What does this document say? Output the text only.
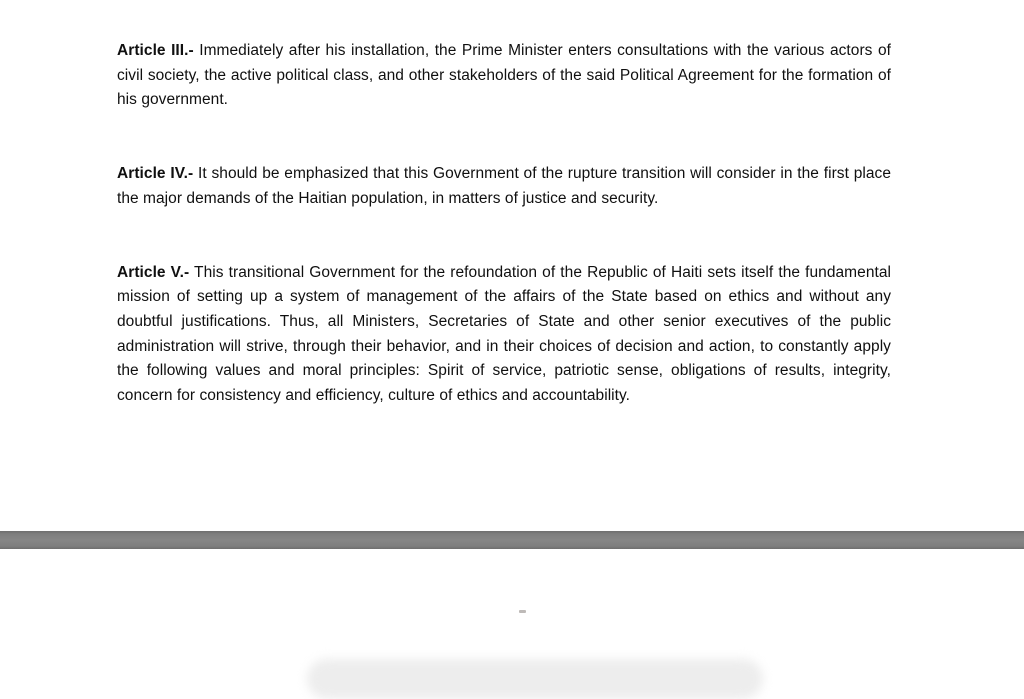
Article III.- Immediately after his installation, the Prime Minister enters consultations with the various actors of civil society, the active political class, and other stakeholders of the said Political Agreement for the formation of his government.

Article IV.- It should be emphasized that this Government of the rupture transition will consider in the first place the major demands of the Haitian population, in matters of justice and security.

Article V.- This transitional Government for the refoundation of the Republic of Haiti sets itself the fundamental mission of setting up a system of management of the affairs of the State based on ethics and without any doubtful justifications. Thus, all Ministers, Secretaries of State and other senior executives of the public administration will strive, through their behavior, and in their choices of decision and action, to constantly apply the following values and moral principles: Spirit of service, patriotic sense, obligations of results, integrity, concern for consistency and efficiency, culture of ethics and accountability.
